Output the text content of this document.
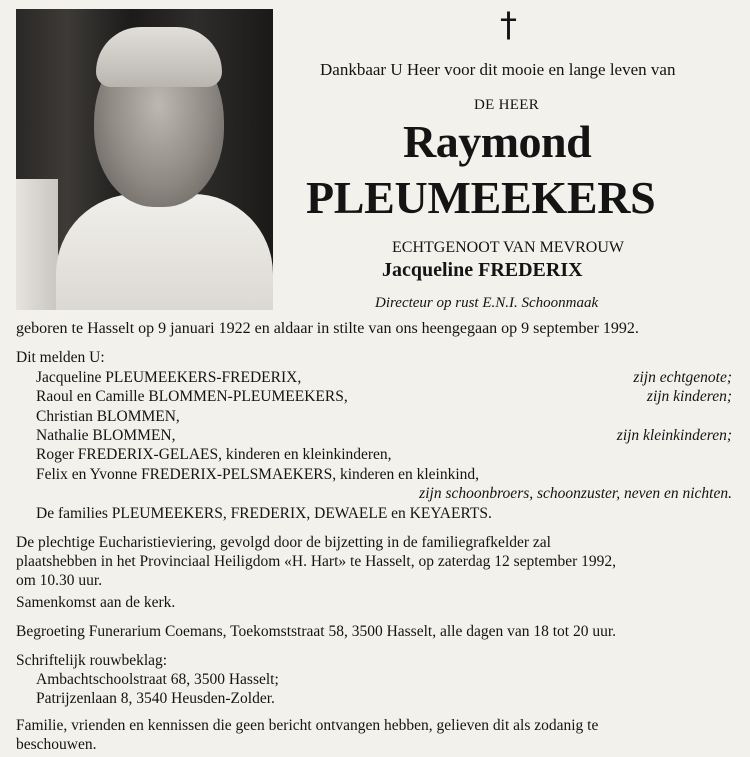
†
Dankbaar U Heer voor dit mooie en lange leven van
DE HEER
Raymond
PLEUMEEKERS
ECHTGENOOT VAN MEVROUW
Jacqueline FREDERIX
Directeur op rust E.N.I. Schoonmaak
geboren te Hasselt op 9 januari 1922 en aldaar in stilte van ons heengegaan op 9 september 1992.
Dit melden U:
Jacqueline PLEUMEEKERS-FREDERIX,	zijn echtgenote;
Raoul en Camille BLOMMEN-PLEUMEEKERS,	zijn kinderen;
Christian BLOMMEN,
Nathalie BLOMMEN,	zijn kleinkinderen;
Roger FREDERIX-GELAES, kinderen en kleinkinderen,
Felix en Yvonne FREDERIX-PELSMAEKERS, kinderen en kleinkind,
zijn schoonbroers, schoonzuster, neven en nichten.
De families PLEUMEEKERS, FREDERIX, DEWAELE en KEYAERTS.
De plechtige Eucharistieviering, gevolgd door de bijzetting in de familiegrafkelder zal
plaatshebben in het Provinciaal Heiligdom «H. Hart» te Hasselt, op zaterdag 12 september 1992,
om 10.30 uur.
Samenkomst aan de kerk.
Begroeting Funerarium Coemans, Toekomststraat 58, 3500 Hasselt, alle dagen van 18 tot 20 uur.
Schriftelijk rouwbeklag:
Ambachtschoolstraat 68, 3500 Hasselt;
Patrijzenlaan 8, 3540 Heusden-Zolder.
Familie, vrienden en kennissen die geen bericht ontvangen hebben, gelieven dit als zodanig te
beschouwen.
